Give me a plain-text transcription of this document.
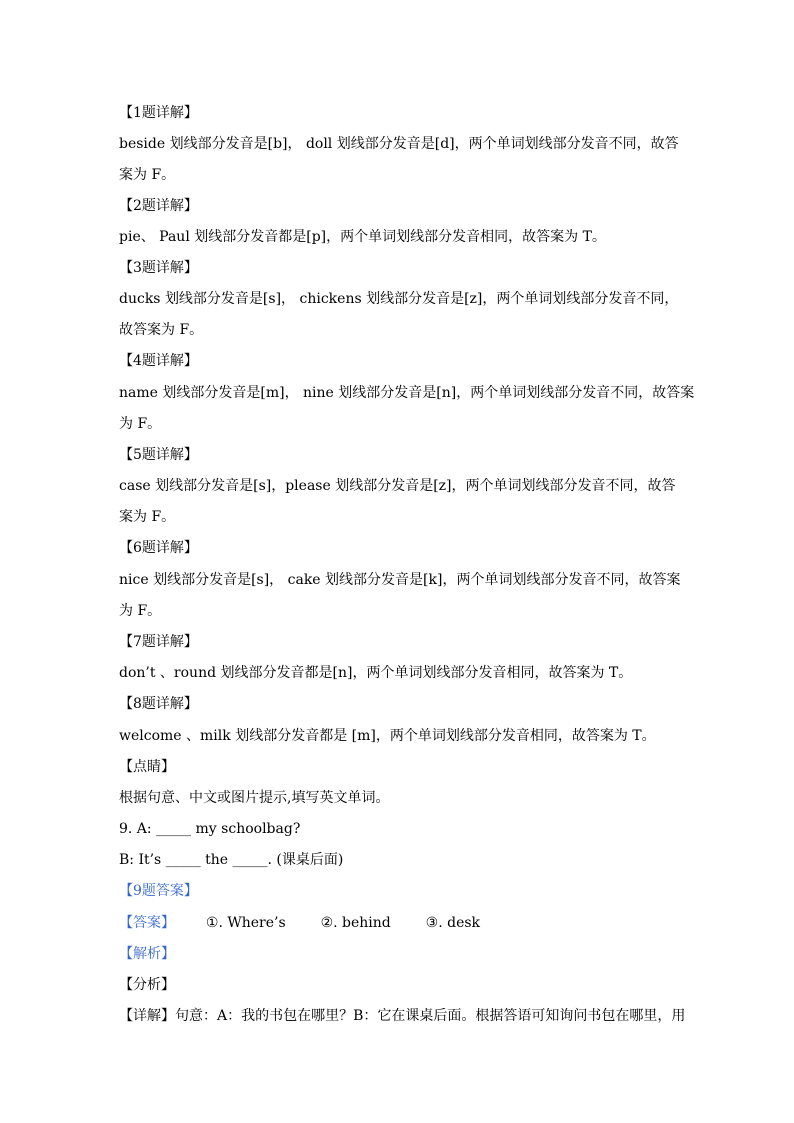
【1题详解】
beside 划线部分发音是[b]， doll 划线部分发音是[d]，两个单词划线部分发音不同，故答
案为 F。
【2题详解】
pie、 Paul 划线部分发音都是[p]，两个单词划线部分发音相同，故答案为 T。
【3题详解】
ducks 划线部分发音是[s]， chickens 划线部分发音是[z]，两个单词划线部分发音不同，
故答案为 F。
【4题详解】
name 划线部分发音是[m]， nine 划线部分发音是[n]，两个单词划线部分发音不同，故答案
为 F。
【5题详解】
case 划线部分发音是[s]，please 划线部分发音是[z]，两个单词划线部分发音不同，故答
案为 F。
【6题详解】
nice 划线部分发音是[s]， cake 划线部分发音是[k]，两个单词划线部分发音不同，故答案
为 F。
【7题详解】
don’t 、round 划线部分发音都是[n]，两个单词划线部分发音相同，故答案为 T。
【8题详解】
welcome 、milk 划线部分发音都是 [m]，两个单词划线部分发音相同，故答案为 T。
【点睛】
根据句意、中文或图片提示,填写英文单词。
9. A: _____ my schoolbag?
B: It’s _____ the _____. (课桌后面)
【9题答案】
【答案】 ①. Where’s ②. behind ③. desk
【解析】
【分析】
【详解】句意：A：我的书包在哪里？B：它在课桌后面。根据答语可知询问书包在哪里，用
